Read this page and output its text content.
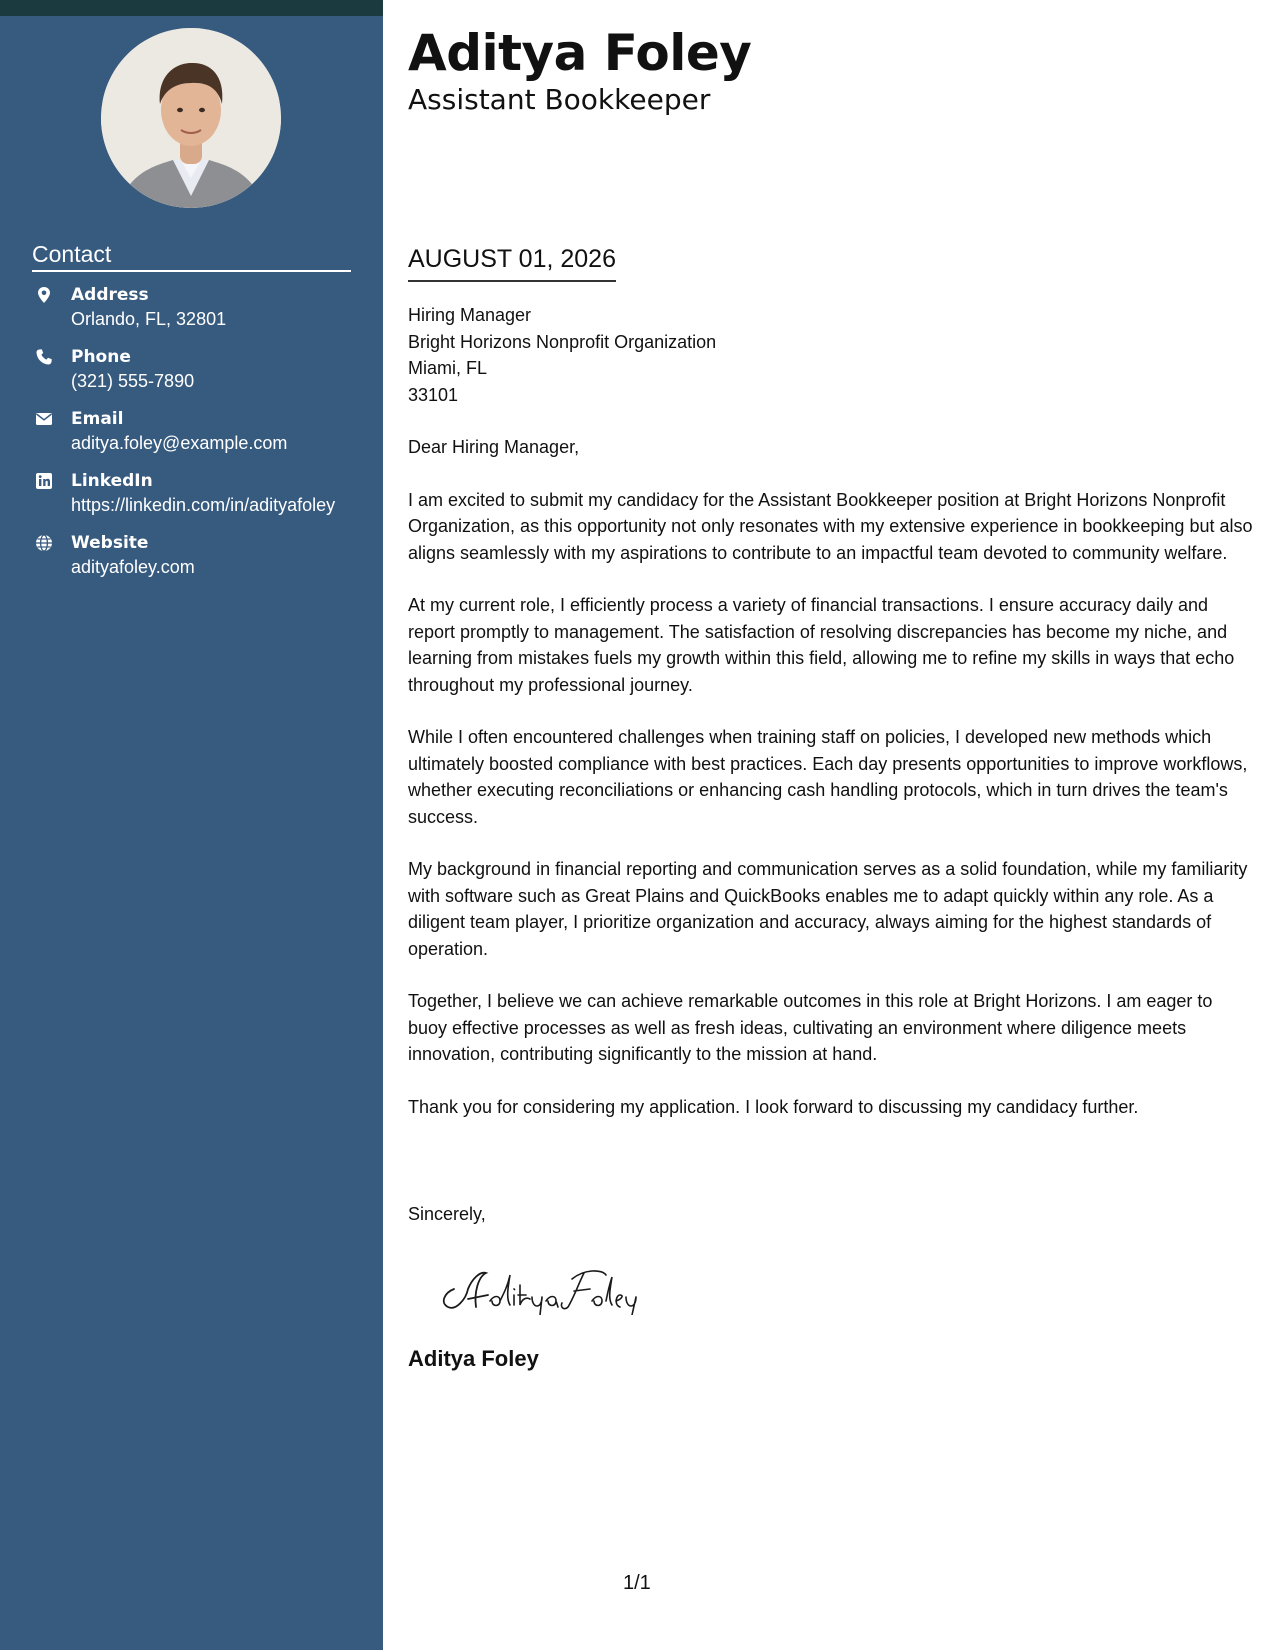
Contact
Address
Orlando, FL, 32801
Phone
(321) 555-7890
Email
aditya.foley@example.com
LinkedIn
https://linkedin.com/in/adityafoley
Website
adityafoley.com
Aditya Foley
Assistant Bookkeeper
AUGUST 01, 2026
Hiring Manager
Bright Horizons Nonprofit Organization
Miami, FL
33101

Dear Hiring Manager,

I am excited to submit my candidacy for the Assistant Bookkeeper position at Bright Horizons Nonprofit Organization, as this opportunity not only resonates with my extensive experience in bookkeeping but also aligns seamlessly with my aspirations to contribute to an impactful team devoted to community welfare.

At my current role, I efficiently process a variety of financial transactions. I ensure accuracy daily and report promptly to management. The satisfaction of resolving discrepancies has become my niche, and learning from mistakes fuels my growth within this field, allowing me to refine my skills in ways that echo throughout my professional journey.

While I often encountered challenges when training staff on policies, I developed new methods which ultimately boosted compliance with best practices. Each day presents opportunities to improve workflows, whether executing reconciliations or enhancing cash handling protocols, which in turn drives the team's success.

My background in financial reporting and communication serves as a solid foundation, while my familiarity with software such as Great Plains and QuickBooks enables me to adapt quickly within any role. As a diligent team player, I prioritize organization and accuracy, always aiming for the highest standards of operation.

Together, I believe we can achieve remarkable outcomes in this role at Bright Horizons. I am eager to buoy effective processes as well as fresh ideas, cultivating an environment where diligence meets innovation, contributing significantly to the mission at hand.

Thank you for considering my application. I look forward to discussing my candidacy further.

Sincerely,
Aditya Foley
1/1
